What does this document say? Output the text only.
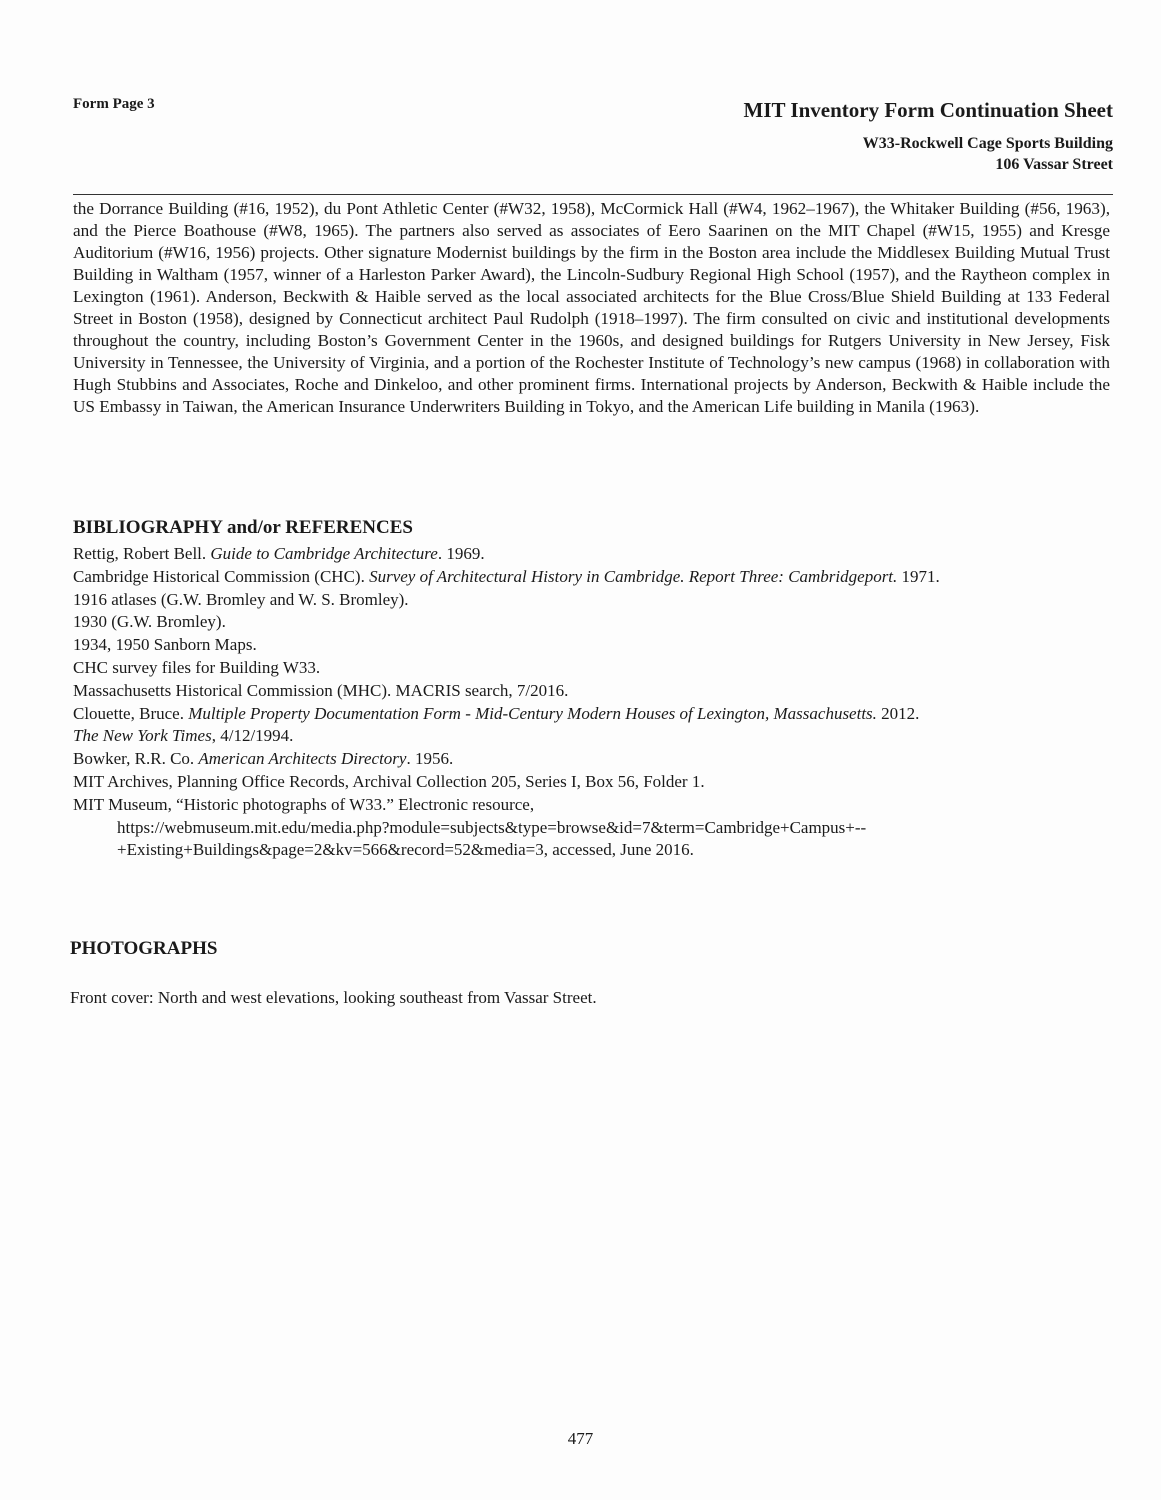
Form Page 3	MIT Inventory Form Continuation Sheet
W33-Rockwell Cage Sports Building
106 Vassar Street
the Dorrance Building (#16, 1952), du Pont Athletic Center (#W32, 1958), McCormick Hall (#W4, 1962–1967), the Whitaker Building (#56, 1963), and the Pierce Boathouse (#W8, 1965). The partners also served as associates of Eero Saarinen on the MIT Chapel (#W15, 1955) and Kresge Auditorium (#W16, 1956) projects. Other signature Modernist buildings by the firm in the Boston area include the Middlesex Building Mutual Trust Building in Waltham (1957, winner of a Harleston Parker Award), the Lincoln-Sudbury Regional High School (1957), and the Raytheon complex in Lexington (1961). Anderson, Beckwith & Haible served as the local associated architects for the Blue Cross/Blue Shield Building at 133 Federal Street in Boston (1958), designed by Connecticut architect Paul Rudolph (1918–1997). The firm consulted on civic and institutional developments throughout the country, including Boston’s Government Center in the 1960s, and designed buildings for Rutgers University in New Jersey, Fisk University in Tennessee, the University of Virginia, and a portion of the Rochester Institute of Technology’s new campus (1968) in collaboration with Hugh Stubbins and Associates, Roche and Dinkeloo, and other prominent firms. International projects by Anderson, Beckwith & Haible include the US Embassy in Taiwan, the American Insurance Underwriters Building in Tokyo, and the American Life building in Manila (1963).
BIBLIOGRAPHY and/or REFERENCES
Rettig, Robert Bell. Guide to Cambridge Architecture. 1969.
Cambridge Historical Commission (CHC). Survey of Architectural History in Cambridge. Report Three: Cambridgeport. 1971.
1916 atlases (G.W. Bromley and W. S. Bromley).
1930 (G.W. Bromley).
1934, 1950 Sanborn Maps.
CHC survey files for Building W33.
Massachusetts Historical Commission (MHC). MACRIS search, 7/2016.
Clouette, Bruce. Multiple Property Documentation Form - Mid-Century Modern Houses of Lexington, Massachusetts. 2012.
The New York Times, 4/12/1994.
Bowker, R.R. Co. American Architects Directory. 1956.
MIT Archives, Planning Office Records, Archival Collection 205, Series I, Box 56, Folder 1.
MIT Museum, “Historic photographs of W33.” Electronic resource,
https://webmuseum.mit.edu/media.php?module=subjects&type=browse&id=7&term=Cambridge+Campus+--
+Existing+Buildings&page=2&kv=566&record=52&media=3, accessed, June 2016.
PHOTOGRAPHS
Front cover: North and west elevations, looking southeast from Vassar Street.
477
